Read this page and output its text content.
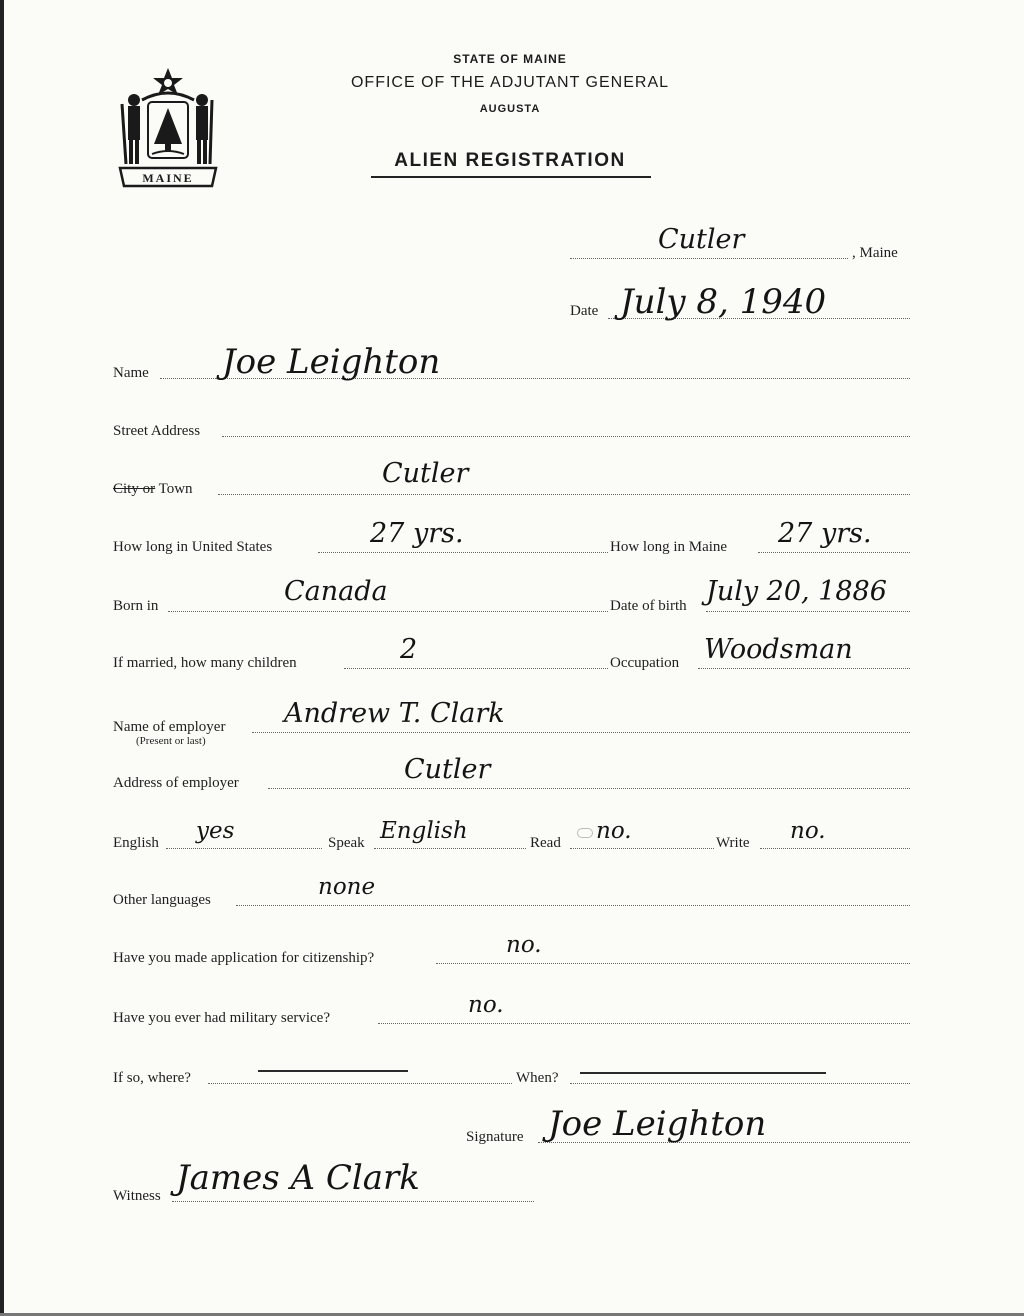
MAINE
STATE OF MAINE
OFFICE OF THE ADJUTANT GENERAL
AUGUSTA
ALIEN REGISTRATION
Cutler	, Maine
Date July 8, 1940
Name Joe Leighton
Street Address
City or Town	Cutler
How long in United States	27 yrs.	How long in Maine 27 yrs.
Born in	Canada	Date of birth July 20, 1886
If married, how many children	2	Occupation Woodsman
Name of employer
(Present or last)
Andrew T. Clark
Address of employer	Cutler
English yes	Speak English	Read no.	Write no.
Other languages	none
Have you made application for citizenship?	no.
Have you ever had military service?	no.
If so, where?	When?
Signature Joe Leighton
Witness James A Clark
